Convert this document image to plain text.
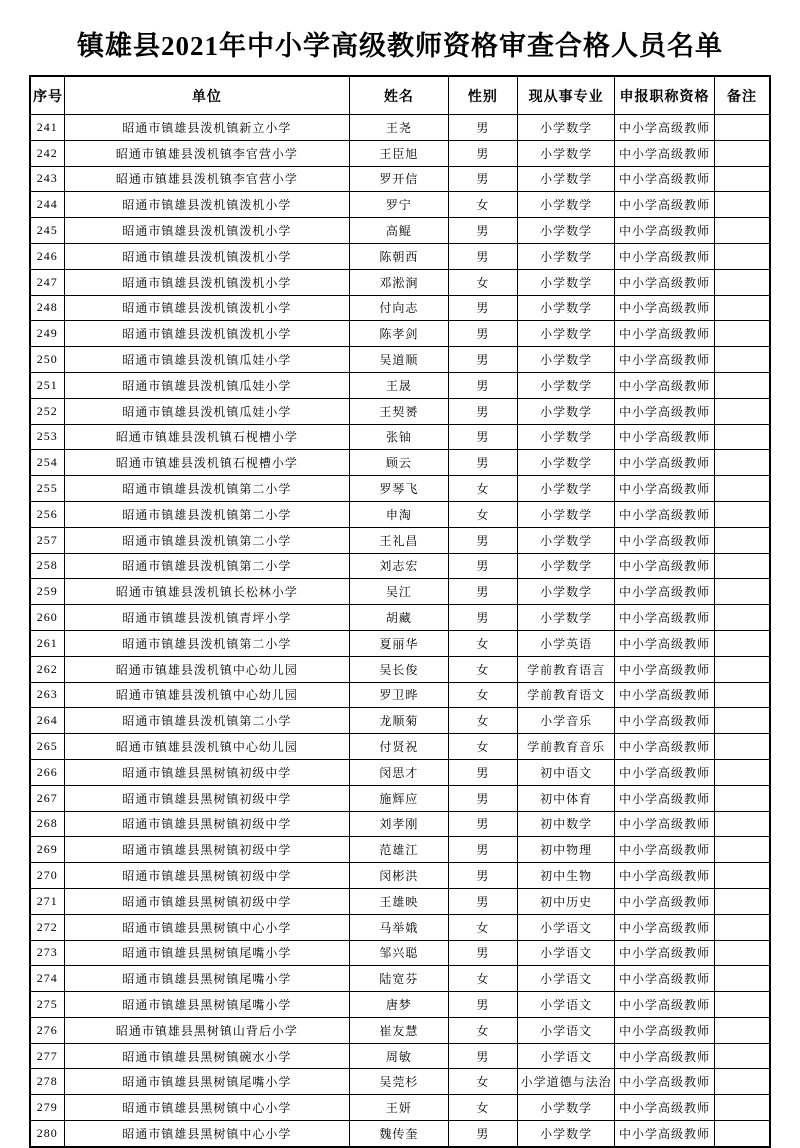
镇雄县2021年中小学高级教师资格审查合格人员名单
序号	单位	姓名	性别	现从事专业	申报职称资格	备注
241	昭通市镇雄县泼机镇新立小学	王尧	男	小学数学	中小学高级教师	
242	昭通市镇雄县泼机镇李官营小学	王臣旭	男	小学数学	中小学高级教师	
243	昭通市镇雄县泼机镇李官营小学	罗开信	男	小学数学	中小学高级教师	
244	昭通市镇雄县泼机镇泼机小学	罗宁	女	小学数学	中小学高级教师	
245	昭通市镇雄县泼机镇泼机小学	高鲲	男	小学数学	中小学高级教师	
246	昭通市镇雄县泼机镇泼机小学	陈朝西	男	小学数学	中小学高级教师	
247	昭通市镇雄县泼机镇泼机小学	邓淞涧	女	小学数学	中小学高级教师	
248	昭通市镇雄县泼机镇泼机小学	付向志	男	小学数学	中小学高级教师	
249	昭通市镇雄县泼机镇泼机小学	陈孝剑	男	小学数学	中小学高级教师	
250	昭通市镇雄县泼机镇瓜娃小学	吴道顺	男	小学数学	中小学高级教师	
251	昭通市镇雄县泼机镇瓜娃小学	王晟	男	小学数学	中小学高级教师	
252	昭通市镇雄县泼机镇瓜娃小学	王契赟	男	小学数学	中小学高级教师	
253	昭通市镇雄县泼机镇石枧槽小学	张铀	男	小学数学	中小学高级教师	
254	昭通市镇雄县泼机镇石枧槽小学	顾云	男	小学数学	中小学高级教师	
255	昭通市镇雄县泼机镇第二小学	罗琴飞	女	小学数学	中小学高级教师	
256	昭通市镇雄县泼机镇第二小学	申淘	女	小学数学	中小学高级教师	
257	昭通市镇雄县泼机镇第二小学	王礼昌	男	小学数学	中小学高级教师	
258	昭通市镇雄县泼机镇第二小学	刘志宏	男	小学数学	中小学高级教师	
259	昭通市镇雄县泼机镇长松林小学	吴江	男	小学数学	中小学高级教师	
260	昭通市镇雄县泼机镇青坪小学	胡藏	男	小学数学	中小学高级教师	
261	昭通市镇雄县泼机镇第二小学	夏丽华	女	小学英语	中小学高级教师	
262	昭通市镇雄县泼机镇中心幼儿园	吴长俊	女	学前教育语言	中小学高级教师	
263	昭通市镇雄县泼机镇中心幼儿园	罗卫晔	女	学前教育语文	中小学高级教师	
264	昭通市镇雄县泼机镇第二小学	龙顺菊	女	小学音乐	中小学高级教师	
265	昭通市镇雄县泼机镇中心幼儿园	付贤祝	女	学前教育音乐	中小学高级教师	
266	昭通市镇雄县黑树镇初级中学	闵思才	男	初中语文	中小学高级教师	
267	昭通市镇雄县黑树镇初级中学	施辉应	男	初中体育	中小学高级教师	
268	昭通市镇雄县黑树镇初级中学	刘孝刚	男	初中数学	中小学高级教师	
269	昭通市镇雄县黑树镇初级中学	范雄江	男	初中物理	中小学高级教师	
270	昭通市镇雄县黑树镇初级中学	闵彬洪	男	初中生物	中小学高级教师	
271	昭通市镇雄县黑树镇初级中学	王雄映	男	初中历史	中小学高级教师	
272	昭通市镇雄县黑树镇中心小学	马举娥	女	小学语文	中小学高级教师	
273	昭通市镇雄县黑树镇尾嘴小学	邹兴聪	男	小学语文	中小学高级教师	
274	昭通市镇雄县黑树镇尾嘴小学	陆宽芬	女	小学语文	中小学高级教师	
275	昭通市镇雄县黑树镇尾嘴小学	唐梦	男	小学语文	中小学高级教师	
276	昭通市镇雄县黑树镇山背后小学	崔友慧	女	小学语文	中小学高级教师	
277	昭通市镇雄县黑树镇碗水小学	周敏	男	小学语文	中小学高级教师	
278	昭通市镇雄县黑树镇尾嘴小学	吴莞杉	女	小学道德与法治	中小学高级教师	
279	昭通市镇雄县黑树镇中心小学	王妍	女	小学数学	中小学高级教师	
280	昭通市镇雄县黑树镇中心小学	魏传奎	男	小学数学	中小学高级教师	
